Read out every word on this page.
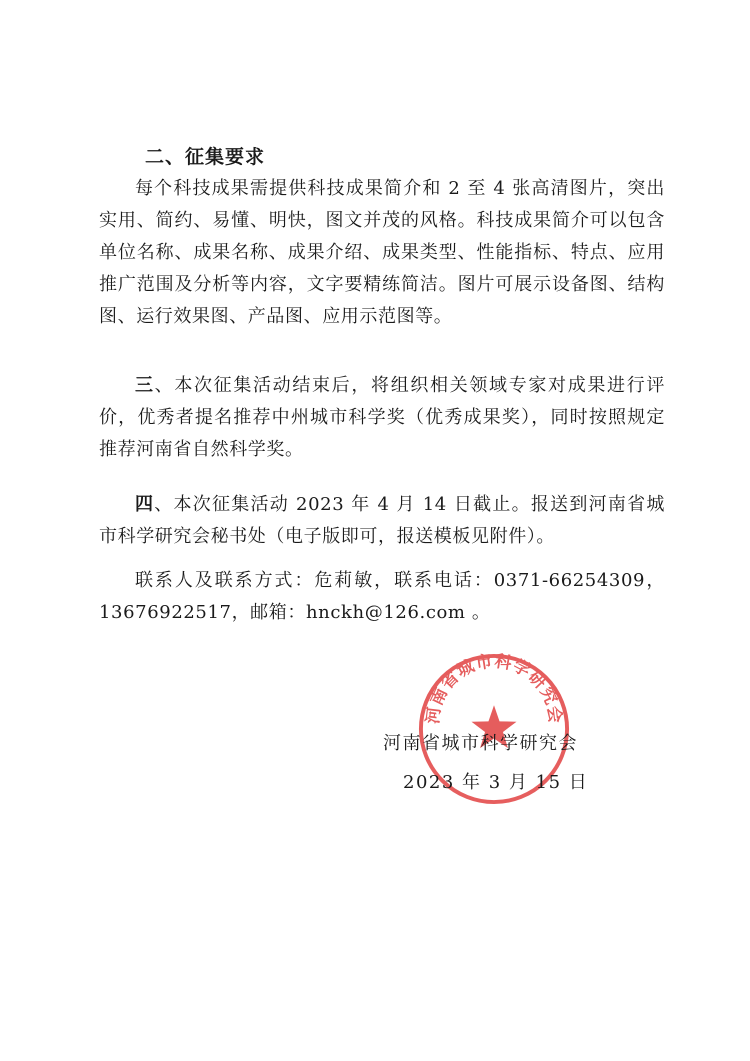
二、征集要求

每个科技成果需提供科技成果简介和 2 至 4 张高清图片，突出实用、简约、易懂、明快，图文并茂的风格。科技成果简介可以包含单位名称、成果名称、成果介绍、成果类型、性能指标、特点、应用推广范围及分析等内容，文字要精练简洁。图片可展示设备图、结构图、运行效果图、产品图、应用示范图等。

三、本次征集活动结束后，将组织相关领域专家对成果进行评价，优秀者提名推荐中州城市科学奖（优秀成果奖），同时按照规定推荐河南省自然科学奖。

四、本次征集活动 2023 年 4 月 14 日截止。报送到河南省城市科学研究会秘书处（电子版即可，报送模板见附件）。

联系人及联系方式：危莉敏，联系电话：0371-66254309，13676922517，邮箱：hnckh@126.com 。

河南省城市科学研究会
河南省城市科学研究会
2023 年 3 月 15 日
